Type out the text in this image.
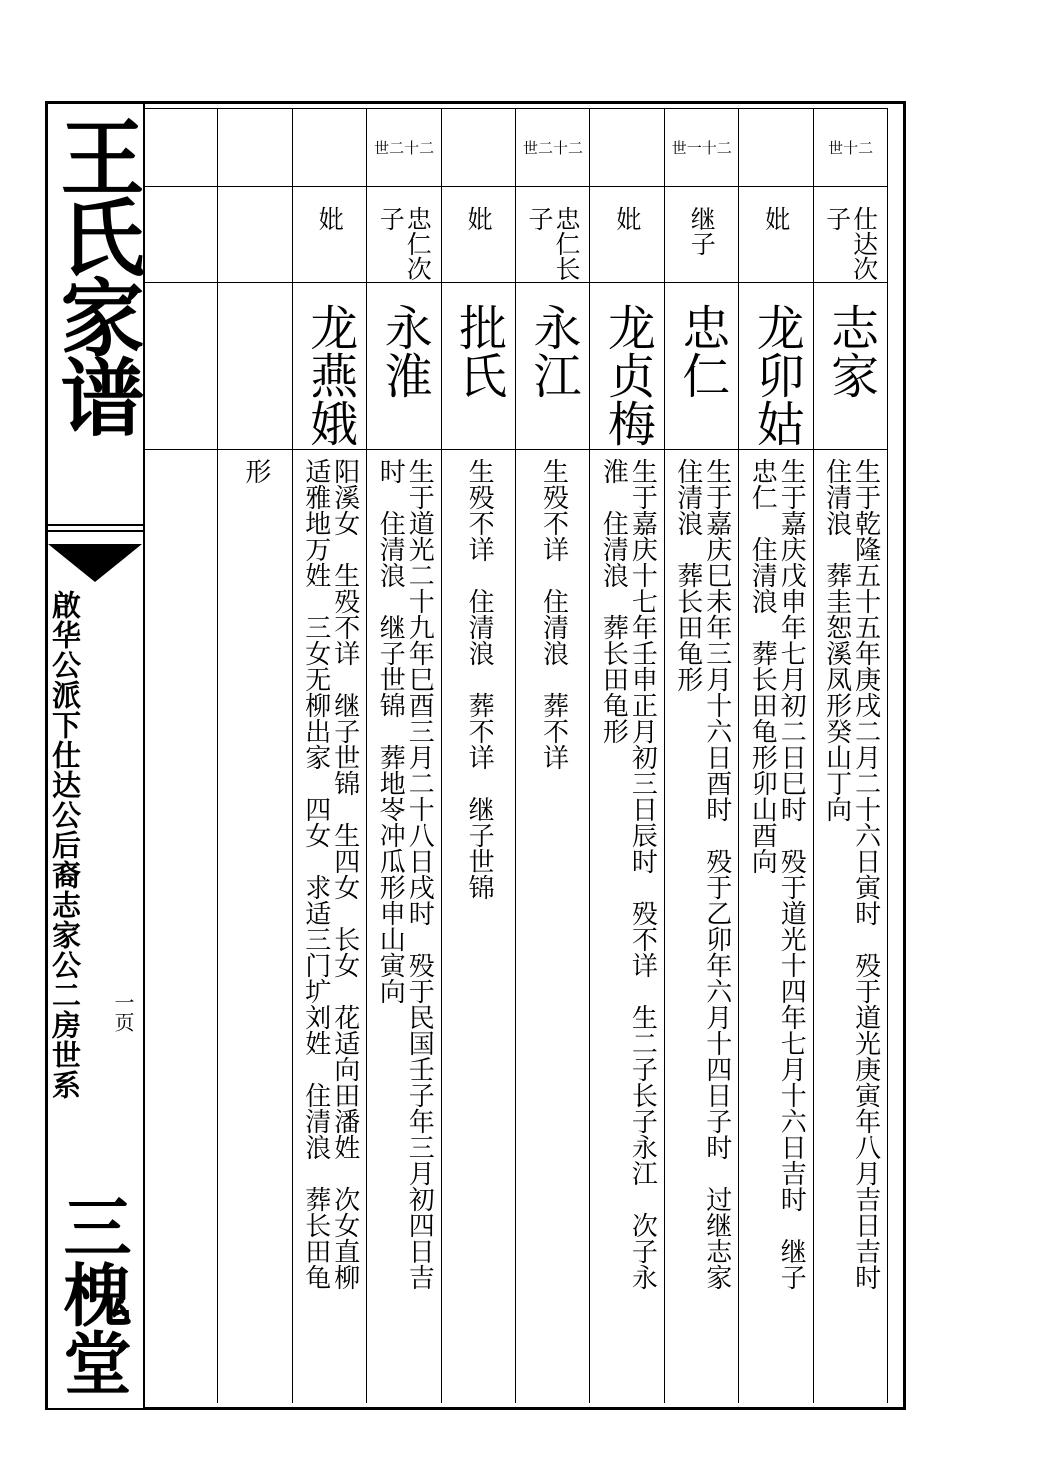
王氏家谱
啟华公派下仕达公后裔志家公二房世系 一页
三槐堂
世十二
仕达次子
志家
生于乾隆五十五年庚戌二月二十六日寅时　殁于道光庚寅年八月吉日吉时
住清浪　葬圭恕溪凤形癸山丁向
妣
龙卯姑
生于嘉庆戊申年七月初二日巳时　殁于道光十四年七月十六日吉时　继子
忠仁　住清浪　葬长田龟形卯山酉向
世一十二
继子
忠仁
生于嘉庆巳未年三月十六日酉时　殁于乙卯年六月十四日子时　过继志家
住清浪　葬长田龟形
妣
龙贞梅
生于嘉庆十七年壬申正月初三日辰时　殁不详　生二子长子永江　次子永
淮　住清浪　葬长田龟形
世二十二
忠仁长子
永江
生殁不详　住清浪　葬不详
妣
批氏
生殁不详　住清浪　葬不详　继子世锦
世二十二
忠仁次子
永淮
生于道光二十九年巳酉三月二十八日戌时　殁于民国壬子年三月初四日吉
时　住清浪　继子世锦　葬地岺冲瓜形申山寅向
妣
龙燕娥
阳溪女　生殁不详　继子世锦　生四女　长女　花适向田潘姓　次女直柳
适雅地万姓　三女无柳出家　四女　求适三门圹刘姓　住清浪　葬长田龟
形
